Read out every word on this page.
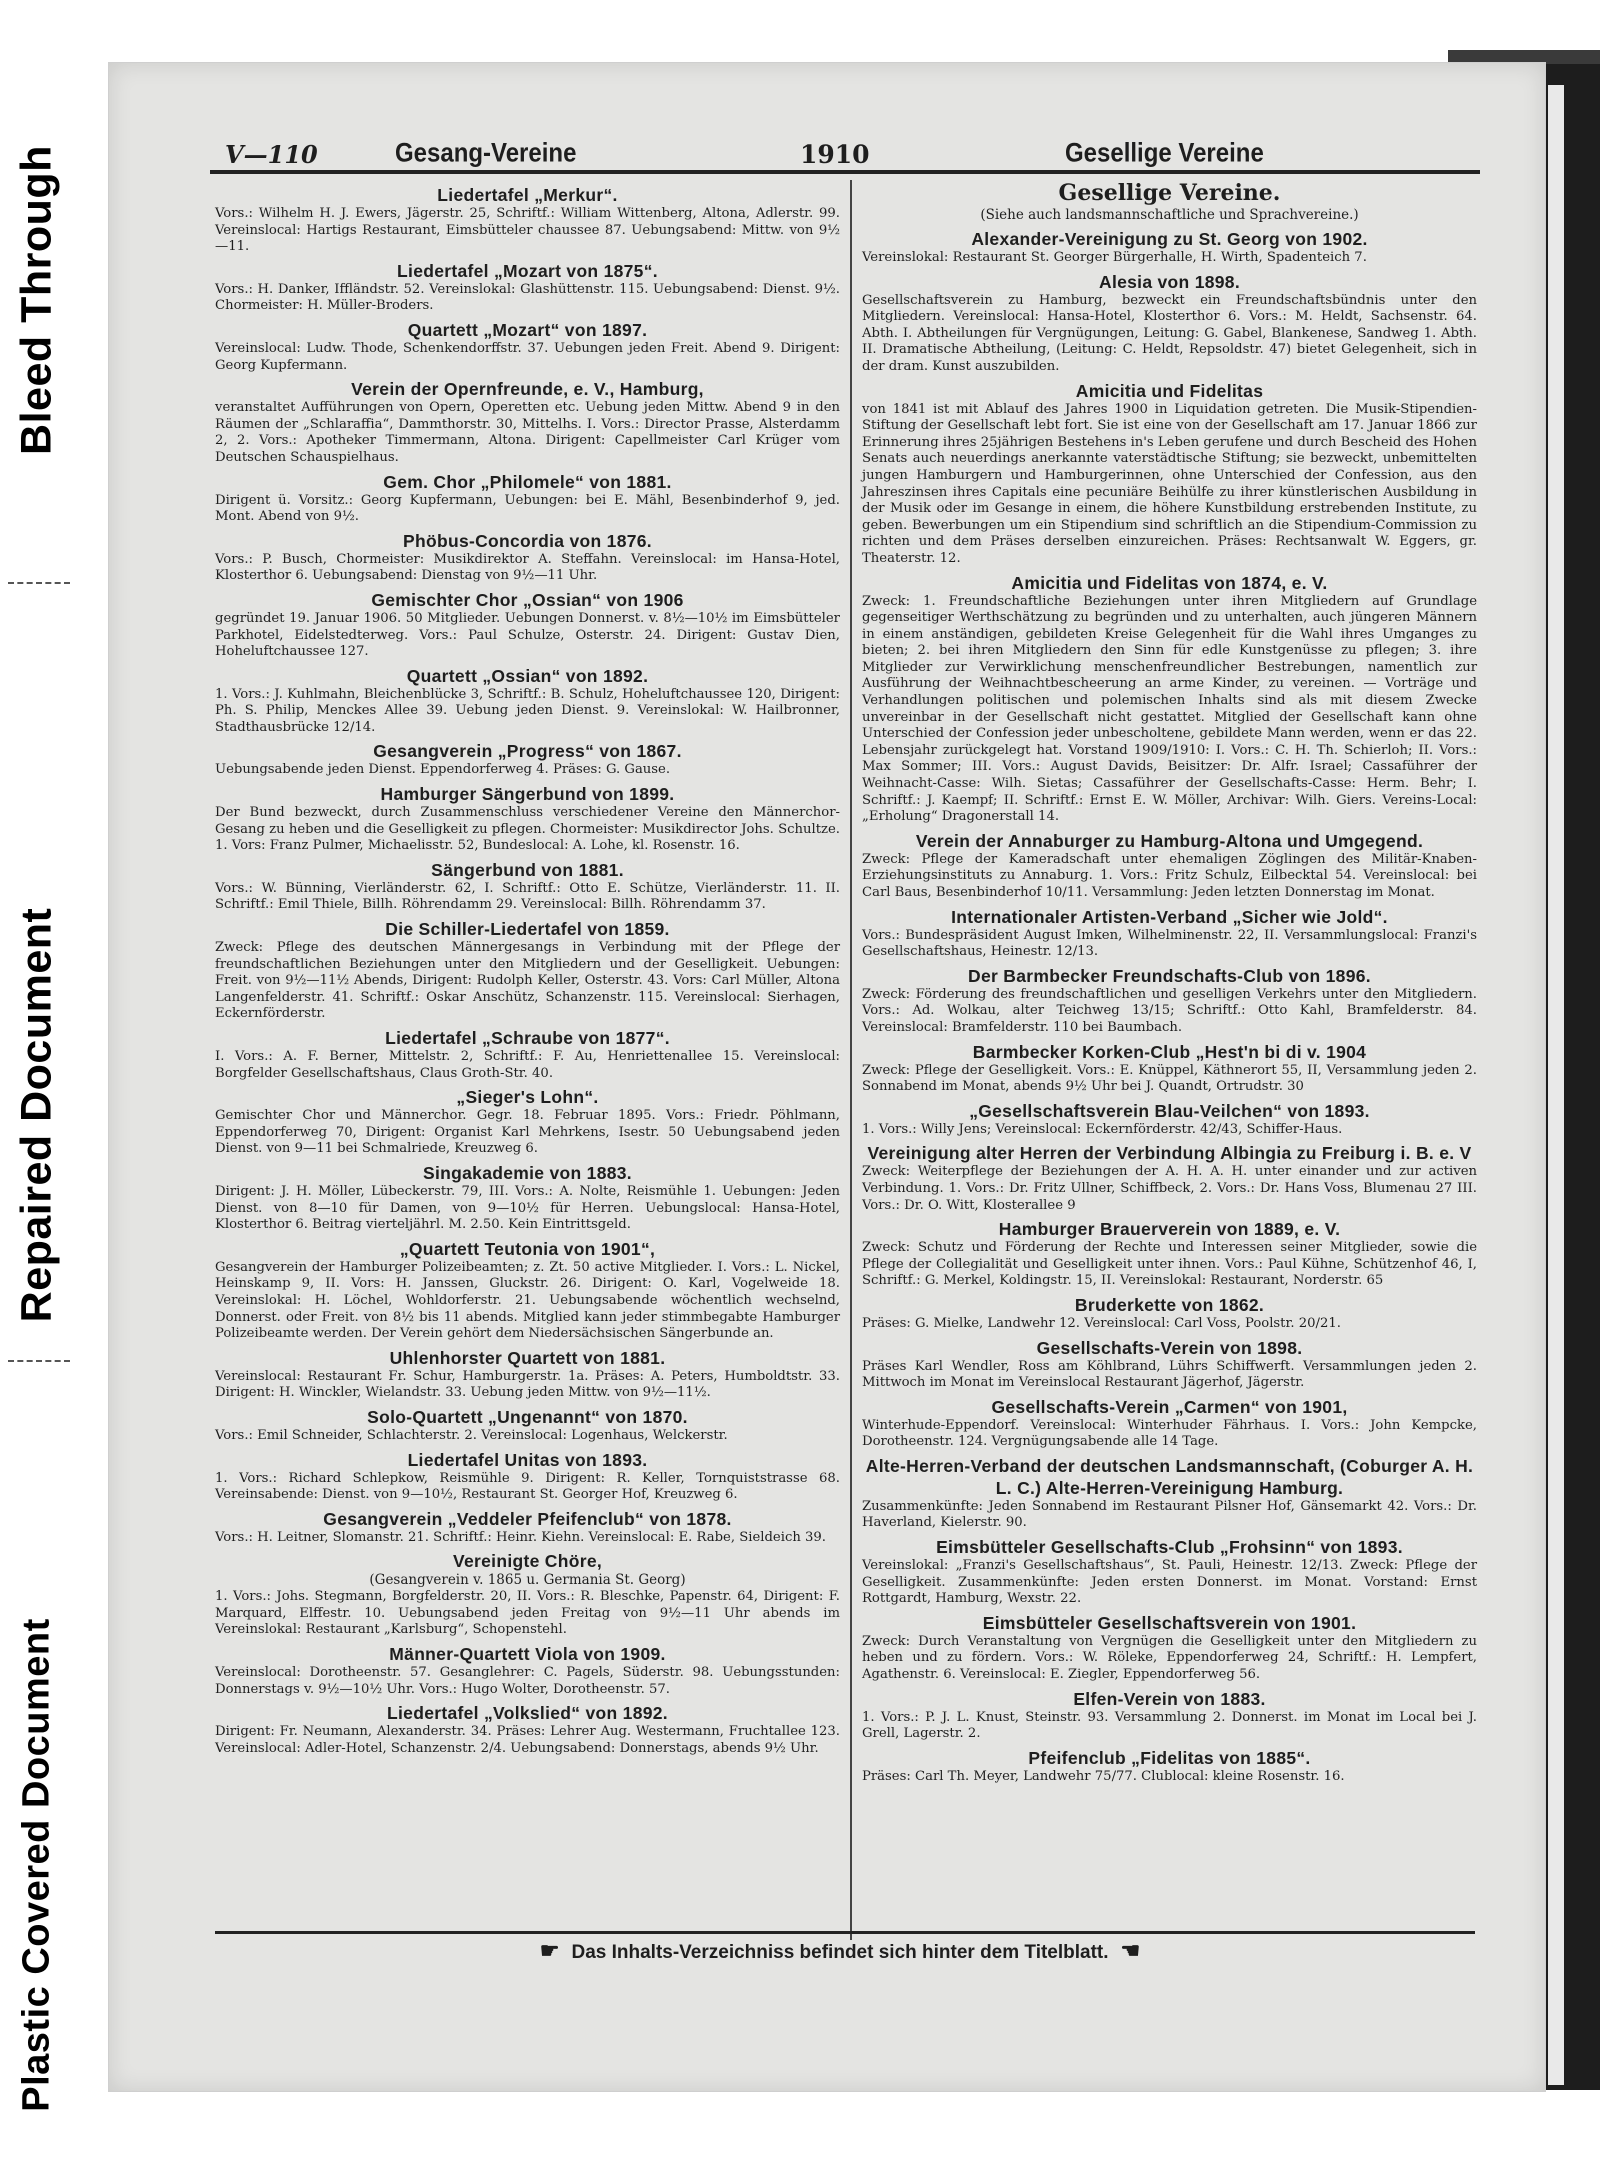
Bleed Through
Repaired Document
Plastic Covered Document
V—110	Gesang-Vereine	1910	Gesellige Vereine
Liedertafel „Merkur“.
Vors.: Wilhelm H. J. Ewers, Jägerstr. 25, Schriftf.: William Wittenberg, Altona, Adlerstr. 99. Vereinslocal: Hartigs Restaurant, Eimsbütteler chaussee 87. Uebungsabend: Mittw. von 9½—11.
Liedertafel „Mozart von 1875“.
Vors.: H. Danker, Iffländstr. 52. Vereinslokal: Glashüttenstr. 115. Uebungsabend: Dienst. 9½. Chormeister: H. Müller-Broders.
Quartett „Mozart“ von 1897.
Vereinslocal: Ludw. Thode, Schenkendorffstr. 37. Uebungen jeden Freit. Abend 9. Dirigent: Georg Kupfermann.
Verein der Opernfreunde, e. V., Hamburg,
veranstaltet Aufführungen von Opern, Operetten etc. Uebung jeden Mittw. Abend 9 in den Räumen der „Schlaraffia“, Dammthorstr. 30, Mittelhs. I. Vors.: Director Prasse, Alsterdamm 2, 2. Vors.: Apotheker Timmermann, Altona. Dirigent: Capellmeister Carl Krüger vom Deutschen Schauspielhaus.
Gem. Chor „Philomele“ von 1881.
Dirigent ü. Vorsitz.: Georg Kupfermann, Uebungen: bei E. Mähl, Besenbinderhof 9, jed. Mont. Abend von 9½.
Phöbus-Concordia von 1876.
Vors.: P. Busch, Chormeister: Musikdirektor A. Steffahn. Vereinslocal: im Hansa-Hotel, Klosterthor 6. Uebungsabend: Dienstag von 9½—11 Uhr.
Gemischter Chor „Ossian“ von 1906
gegründet 19. Januar 1906. 50 Mitglieder. Uebungen Donnerst. v. 8½—10½ im Eimsbütteler Parkhotel, Eidelstedterweg. Vors.: Paul Schulze, Osterstr. 24. Dirigent: Gustav Dien, Hoheluftchaussee 127.
Quartett „Ossian“ von 1892.
1. Vors.: J. Kuhlmahn, Bleichenblücke 3, Schriftf.: B. Schulz, Hoheluftchaussee 120, Dirigent: Ph. S. Philip, Menckes Allee 39. Uebung jeden Dienst. 9. Vereinslokal: W. Hailbronner, Stadthausbrücke 12/14.
Gesangverein „Progress“ von 1867.
Uebungsabende jeden Dienst. Eppendorferweg 4. Präses: G. Gause.
Hamburger Sängerbund von 1899.
Der Bund bezweckt, durch Zusammenschluss verschiedener Vereine den Männerchor-Gesang zu heben und die Geselligkeit zu pflegen. Chormeister: Musikdirector Johs. Schultze. 1. Vors: Franz Pulmer, Michaelisstr. 52, Bundeslocal: A. Lohe, kl. Rosenstr. 16.
Sängerbund von 1881.
Vors.: W. Bünning, Vierländerstr. 62, I. Schriftf.: Otto E. Schütze, Vierländerstr. 11. II. Schriftf.: Emil Thiele, Billh. Röhrendamm 29. Vereinslocal: Billh. Röhrendamm 37.
Die Schiller-Liedertafel von 1859.
Zweck: Pflege des deutschen Männergesangs in Verbindung mit der Pflege der freundschaftlichen Beziehungen unter den Mitgliedern und der Geselligkeit. Uebungen: Freit. von 9½—11½ Abends, Dirigent: Rudolph Keller, Osterstr. 43. Vors: Carl Müller, Altona Langenfelderstr. 41. Schriftf.: Oskar Anschütz, Schanzenstr. 115. Vereinslocal: Sierhagen, Eckernförderstr.
Liedertafel „Schraube von 1877“.
I. Vors.: A. F. Berner, Mittelstr. 2, Schriftf.: F. Au, Henriettenallee 15. Vereinslocal: Borgfelder Gesellschaftshaus, Claus Groth-Str. 40.
„Sieger's Lohn“.
Gemischter Chor und Männerchor. Gegr. 18. Februar 1895. Vors.: Friedr. Pöhlmann, Eppendorferweg 70, Dirigent: Organist Karl Mehrkens, Isestr. 50 Uebungsabend jeden Dienst. von 9—11 bei Schmalriede, Kreuzweg 6.
Singakademie von 1883.
Dirigent: J. H. Möller, Lübeckerstr. 79, III. Vors.: A. Nolte, Reismühle 1. Uebungen: Jeden Dienst. von 8—10 für Damen, von 9—10½ für Herren. Uebungslocal: Hansa-Hotel, Klosterthor 6. Beitrag vierteljährl. M. 2.50. Kein Eintrittsgeld.
„Quartett Teutonia von 1901“,
Gesangverein der Hamburger Polizeibeamten; z. Zt. 50 active Mitglieder. I. Vors.: L. Nickel, Heinskamp 9, II. Vors: H. Janssen, Gluckstr. 26. Dirigent: O. Karl, Vogelweide 18. Vereinslokal: H. Löchel, Wohldorferstr. 21. Uebungsabende wöchentlich wechselnd, Donnerst. oder Freit. von 8½ bis 11 abends. Mitglied kann jeder stimmbegabte Hamburger Polizeibeamte werden. Der Verein gehört dem Niedersächsischen Sängerbunde an.
Uhlenhorster Quartett von 1881.
Vereinslocal: Restaurant Fr. Schur, Hamburgerstr. 1a. Präses: A. Peters, Humboldtstr. 33. Dirigent: H. Winckler, Wielandstr. 33. Uebung jeden Mittw. von 9½—11½.
Solo-Quartett „Ungenannt“ von 1870.
Vors.: Emil Schneider, Schlachterstr. 2. Vereinslocal: Logenhaus, Welckerstr.
Liedertafel Unitas von 1893.
1. Vors.: Richard Schlepkow, Reismühle 9. Dirigent: R. Keller, Tornquiststrasse 68. Vereinsabende: Dienst. von 9—10½, Restaurant St. Georger Hof, Kreuzweg 6.
Gesangverein „Veddeler Pfeifenclub“ von 1878.
Vors.: H. Leitner, Slomanstr. 21. Schriftf.: Heinr. Kiehn. Vereinslocal: E. Rabe, Sieldeich 39.
Vereinigte Chöre,
(Gesangverein v. 1865 u. Germania St. Georg)
1. Vors.: Johs. Stegmann, Borgfelderstr. 20, II. Vors.: R. Bleschke, Papenstr. 64, Dirigent: F. Marquard, Elffestr. 10. Uebungsabend jeden Freitag von 9½—11 Uhr abends im Vereinslokal: Restaurant „Karlsburg“, Schopenstehl.
Männer-Quartett Viola von 1909.
Vereinslocal: Dorotheenstr. 57. Gesanglehrer: C. Pagels, Süderstr. 98. Uebungsstunden: Donnerstags v. 9½—10½ Uhr. Vors.: Hugo Wolter, Dorotheenstr. 57.
Liedertafel „Volkslied“ von 1892.
Dirigent: Fr. Neumann, Alexanderstr. 34. Präses: Lehrer Aug. Westermann, Fruchtallee 123. Vereinslocal: Adler-Hotel, Schanzenstr. 2/4. Uebungsabend: Donnerstags, abends 9½ Uhr.
Gesellige Vereine.
(Siehe auch landsmannschaftliche und Sprachvereine.)
Alexander-Vereinigung zu St. Georg von 1902.
Vereinslokal: Restaurant St. Georger Bürgerhalle, H. Wirth, Spadenteich 7.
Alesia von 1898.
Gesellschaftsverein zu Hamburg, bezweckt ein Freundschaftsbündnis unter den Mitgliedern. Vereinslocal: Hansa-Hotel, Klosterthor 6. Vors.: M. Heldt, Sachsenstr. 64. Abth. I. Abtheilungen für Vergnügungen, Leitung: G. Gabel, Blankenese, Sandweg 1. Abth. II. Dramatische Abtheilung, (Leitung: C. Heldt, Repsoldstr. 47) bietet Gelegenheit, sich in der dram. Kunst auszubilden.
Amicitia und Fidelitas
von 1841 ist mit Ablauf des Jahres 1900 in Liquidation getreten. Die Musik-Stipendien-Stiftung der Gesellschaft lebt fort. Sie ist eine von der Gesellschaft am 17. Januar 1866 zur Erinnerung ihres 25jährigen Bestehens in's Leben gerufene und durch Bescheid des Hohen Senats auch neuerdings anerkannte vaterstädtische Stiftung; sie bezweckt, unbemittelten jungen Hamburgern und Hamburgerinnen, ohne Unterschied der Confession, aus den Jahreszinsen ihres Capitals eine pecuniäre Beihülfe zu ihrer künstlerischen Ausbildung in der Musik oder im Gesange in einem, die höhere Kunstbildung erstrebenden Institute, zu geben. Bewerbungen um ein Stipendium sind schriftlich an die Stipendium-Commission zu richten und dem Präses derselben einzureichen. Präses: Rechtsanwalt W. Eggers, gr. Theaterstr. 12.
Amicitia und Fidelitas von 1874, e. V.
Zweck: 1. Freundschaftliche Beziehungen unter ihren Mitgliedern auf Grundlage gegenseitiger Werthschätzung zu begründen und zu unterhalten, auch jüngeren Männern in einem anständigen, gebildeten Kreise Gelegenheit für die Wahl ihres Umganges zu bieten; 2. bei ihren Mitgliedern den Sinn für edle Kunstgenüsse zu pflegen; 3. ihre Mitglieder zur Verwirklichung menschenfreundlicher Bestrebungen, namentlich zur Ausführung der Weihnachtbescheerung an arme Kinder, zu vereinen. — Vorträge und Verhandlungen politischen und polemischen Inhalts sind als mit diesem Zwecke unvereinbar in der Gesellschaft nicht gestattet. Mitglied der Gesellschaft kann ohne Unterschied der Confession jeder unbescholtene, gebildete Mann werden, wenn er das 22. Lebensjahr zurückgelegt hat. Vorstand 1909/1910: I. Vors.: C. H. Th. Schierloh; II. Vors.: Max Sommer; III. Vors.: August Davids, Beisitzer: Dr. Alfr. Israel; Cassaführer der Weihnacht-Casse: Wilh. Sietas; Cassaführer der Gesellschafts-Casse: Herm. Behr; I. Schriftf.: J. Kaempf; II. Schriftf.: Ernst E. W. Möller, Archivar: Wilh. Giers. Vereins-Local: „Erholung“ Dragonerstall 14.
Verein der Annaburger zu Hamburg-Altona und Umgegend.
Zweck: Pflege der Kameradschaft unter ehemaligen Zöglingen des Militär-Knaben-Erziehungsinstituts zu Annaburg. 1. Vors.: Fritz Schulz, Eilbecktal 54. Vereinslocal: bei Carl Baus, Besenbinderhof 10/11. Versammlung: Jeden letzten Donnerstag im Monat.
Internationaler Artisten-Verband „Sicher wie Jold“.
Vors.: Bundespräsident August Imken, Wilhelminenstr. 22, II. Versammlungslocal: Franzi's Gesellschaftshaus, Heinestr. 12/13.
Der Barmbecker Freundschafts-Club von 1896.
Zweck: Förderung des freundschaftlichen und geselligen Verkehrs unter den Mitgliedern. Vors.: Ad. Wolkau, alter Teichweg 13/15; Schriftf.: Otto Kahl, Bramfelderstr. 84. Vereinslocal: Bramfelderstr. 110 bei Baumbach.
Barmbecker Korken-Club „Hest'n bi di v. 1904
Zweck: Pflege der Geselligkeit. Vors.: E. Knüppel, Käthnerort 55, II, Versammlung jeden 2. Sonnabend im Monat, abends 9½ Uhr bei J. Quandt, Ortrudstr. 30
„Gesellschaftsverein Blau-Veilchen“ von 1893.
1. Vors.: Willy Jens; Vereinslocal: Eckernförderstr. 42/43, Schiffer-Haus.
Vereinigung alter Herren der Verbindung Albingia zu Freiburg i. B. e. V
Zweck: Weiterpflege der Beziehungen der A. H. A. H. unter einander und zur activen Verbindung. 1. Vors.: Dr. Fritz Ullner, Schiffbeck, 2. Vors.: Dr. Hans Voss, Blumenau 27 III. Vors.: Dr. O. Witt, Klosterallee 9
Hamburger Brauerverein von 1889, e. V.
Zweck: Schutz und Förderung der Rechte und Interessen seiner Mitglieder, sowie die Pflege der Collegialität und Geselligkeit unter ihnen. Vors.: Paul Kühne, Schützenhof 46, I, Schriftf.: G. Merkel, Koldingstr. 15, II. Vereinslokal: Restaurant, Norderstr. 65
Bruderkette von 1862.
Präses: G. Mielke, Landwehr 12. Vereinslocal: Carl Voss, Poolstr. 20/21.
Gesellschafts-Verein von 1898.
Präses Karl Wendler, Ross am Köhlbrand, Lührs Schiffwerft. Versammlungen jeden 2. Mittwoch im Monat im Vereinslocal Restaurant Jägerhof, Jägerstr.
Gesellschafts-Verein „Carmen“ von 1901,
Winterhude-Eppendorf. Vereinslocal: Winterhuder Fährhaus. I. Vors.: John Kempcke, Dorotheenstr. 124. Vergnügungsabende alle 14 Tage.
Alte-Herren-Verband der deutschen Landsmannschaft, (Coburger A. H. L. C.) Alte-Herren-Vereinigung Hamburg.
Zusammenkünfte: Jeden Sonnabend im Restaurant Pilsner Hof, Gänsemarkt 42. Vors.: Dr. Haverland, Kielerstr. 90.
Eimsbütteler Gesellschafts-Club „Frohsinn“ von 1893.
Vereinslokal: „Franzi's Gesellschaftshaus“, St. Pauli, Heinestr. 12/13. Zweck: Pflege der Geselligkeit. Zusammenkünfte: Jeden ersten Donnerst. im Monat. Vorstand: Ernst Rottgardt, Hamburg, Wexstr. 22.
Eimsbütteler Gesellschaftsverein von 1901.
Zweck: Durch Veranstaltung von Vergnügen die Geselligkeit unter den Mitgliedern zu heben und zu fördern. Vors.: W. Röleke, Eppendorferweg 24, Schriftf.: H. Lempfert, Agathenstr. 6. Vereinslocal: E. Ziegler, Eppendorferweg 56.
Elfen-Verein von 1883.
1. Vors.: P. J. L. Knust, Steinstr. 93. Versammlung 2. Donnerst. im Monat im Local bei J. Grell, Lagerstr. 2.
Pfeifenclub „Fidelitas von 1885“.
Präses: Carl Th. Meyer, Landwehr 75/77. Clublocal: kleine Rosenstr. 16.
☛ Das Inhalts-Verzeichniss befindet sich hinter dem Titelblatt. ☚
